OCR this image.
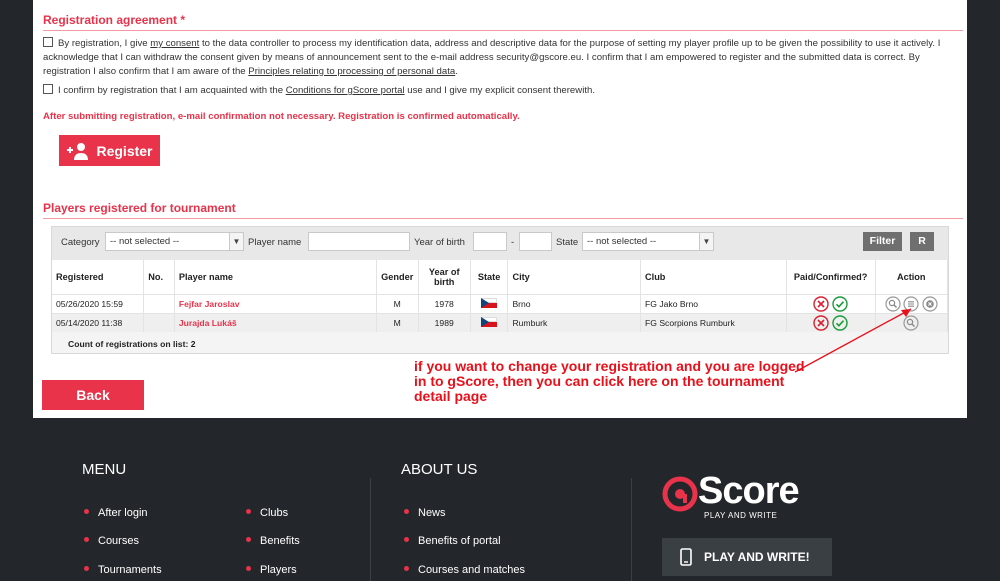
Registration agreement *
By registration, I give my consent to the data controller to process my identification data, address and descriptive data for the purpose of setting my player profile up to be given the possibility to use it actively. I acknowledge that I can withdraw the consent given by means of announcement sent to the e-mail address security@gscore.eu. I confirm that I am empowered to register and the submitted data is correct. By registration I also confirm that I am aware of the Principles relating to processing of personal data.
I confirm by registration that I am acquainted with the Conditions for gScore portal use and I give my explicit consent therewith.
After submitting registration, e-mail confirmation not necessary. Registration is confirmed automatically.
Register
Players registered for tournament
Category	-- not selected --	▼ Player name	Year of birth	-	State -- not selected --	▼	Filter	R
Registered	No.	Player name	Gender	Year of birth	State	City	Club	Paid/Confirmed?	Action
05/26/2020 15:59		Fejfar Jaroslav	M	1978		Brno	FG Jako Brno		
05/14/2020 11:38		Jurajda Lukáš	M	1989		Rumburk	FG Scorpions Rumburk		
Count of registrations on list: 2
if you want to change your registration and you are logged in to gScore, then you can click here on the tournament detail page
Back
MENU	ABOUT US
After login
Courses
Tournaments
Clubs
Benefits
Players
News
Benefits of portal
Courses and matches
Score
PLAY AND WRITE
PLAY AND WRITE!
